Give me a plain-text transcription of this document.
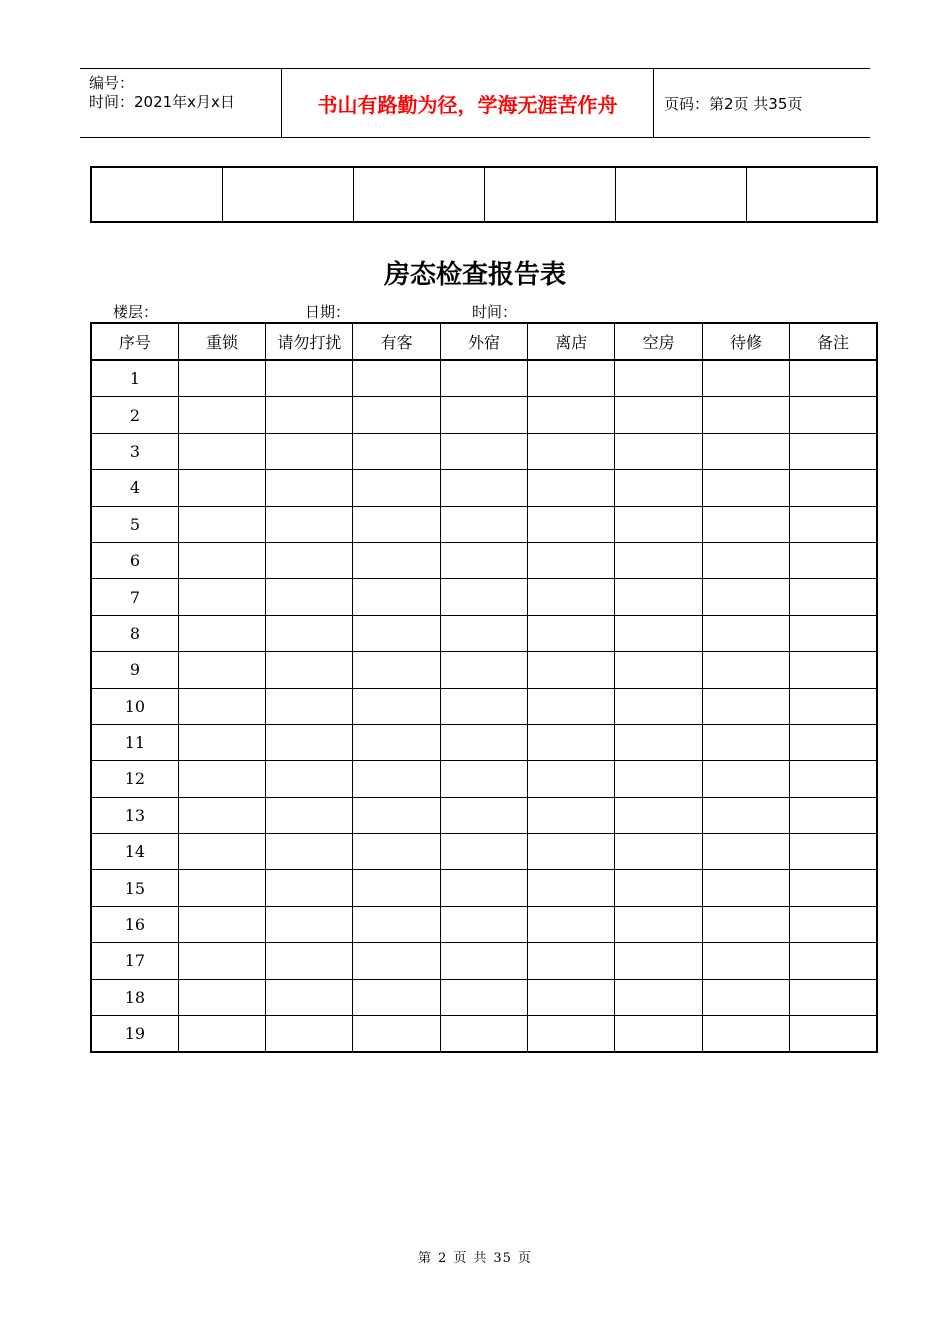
编号：
时间：2021年x月x日	书山有路勤为径，学海无涯苦作舟	页码：第2页 共35页

房态检查报告表
楼层：	日期：	时间：
序号	重锁	请勿打扰	有客	外宿	离店	空房	待修	备注
1								
2								
3								
4								
5								
6								
7								
8								
9								
10								
11								
12								
13								
14								
15								
16								
17								
18								
19								
第 2 页 共 35 页
